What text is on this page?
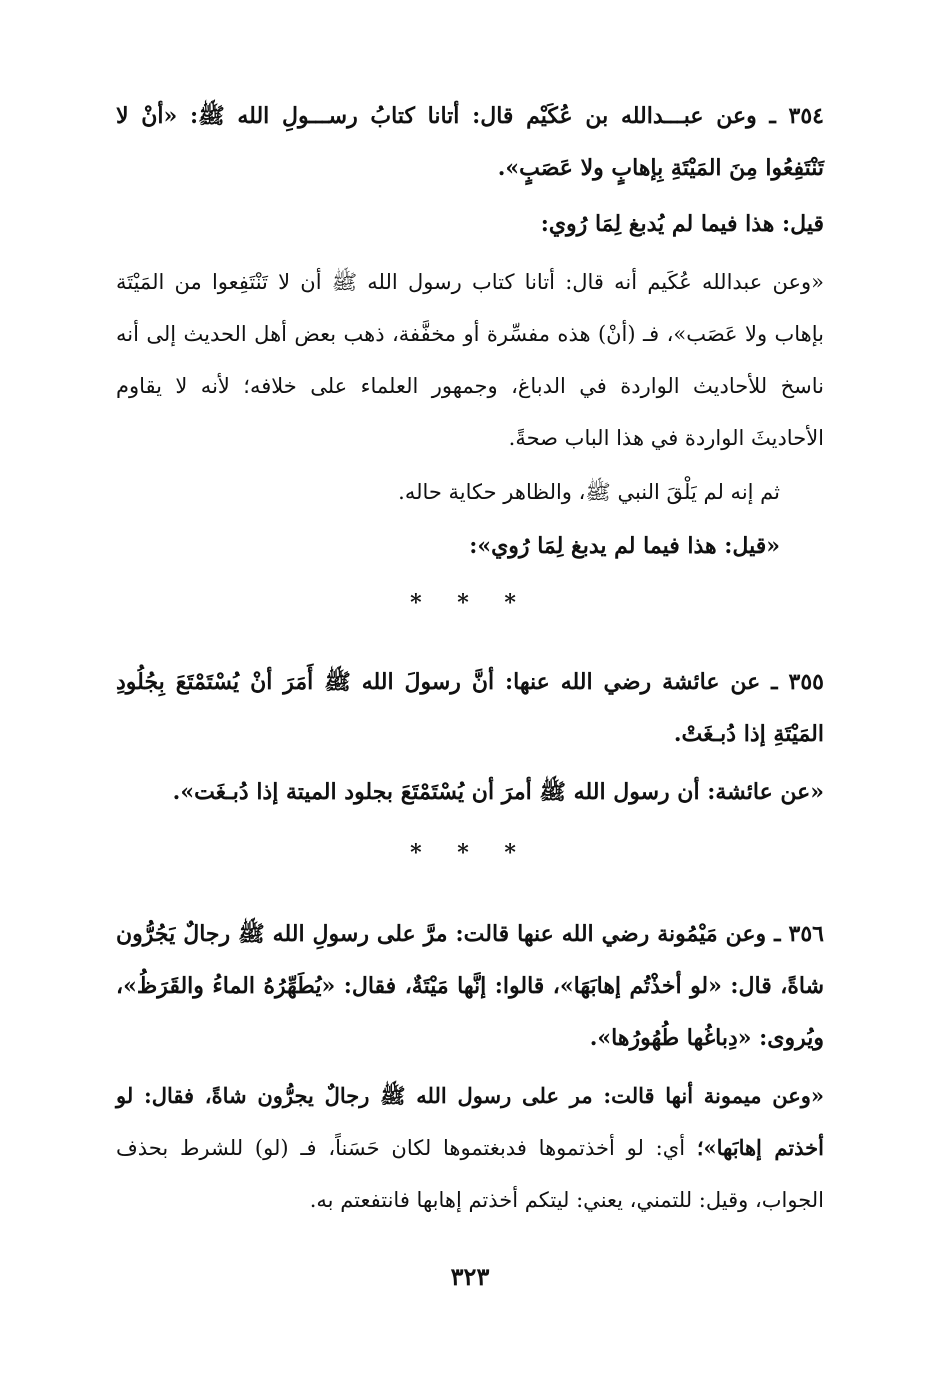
٣٥٤ ـ وعن عبـــدالله بن عُكَيْم قال: أتانا كتابُ رســـولِ الله ﷺ: «أنْ لا تَنْتَفِعُوا مِنَ المَيْتَةِ بِإهابٍ ولا عَصَبٍ».

قيل: هذا فيما لم يُدبغ لِمَا رُوي:

«وعن عبدالله عُكَيم أنه قال: أتانا كتاب رسول الله ﷺ أن لا تَنْتَفِعوا من المَيْتَة بإهاب ولا عَصَب»، فـ (أنْ) هذه مفسِّرة أو مخفَّفة، ذهب بعض أهل الحديث إلى أنه ناسخ للأحاديث الواردة في الدباغ، وجمهور العلماء على خلافه؛ لأنه لا يقاوم الأحاديثَ الواردة في هذا الباب صحةً.

ثم إنه لم يَلْقَ النبي ﷺ، والظاهر حكاية حاله.

«قيل: هذا فيما لم يدبغ لِمَا رُوي»:

* * *

٣٥٥ ـ عن عائشة رضي الله عنها: أنَّ رسولَ الله ﷺ أَمَرَ أنْ يُسْتَمْتَعَ بِجُلُودِ المَيْتَةِ إذا دُبـغَتْ.

«عن عائشة: أن رسول الله ﷺ أمرَ أن يُسْتَمْتَعَ بجلود الميتة إذا دُبـغَت».

* * *

٣٥٦ ـ وعن مَيْمُونة رضي الله عنها قالت: مرَّ على رسولِ الله ﷺ رجالٌ يَجُرُّون شاةً، قال: «لو أخذْتُم إهابَهَا»، قالوا: إنَّها مَيْتَةٌ، فقال: «يُطَهِّرُهُ الماءُ والقَرَظُ»، ويُروى: «دِباغُها طُهُورُها».

«وعن ميمونة أنها قالت: مر على رسول الله ﷺ رجالٌ يجرُّون شاةً، فقال: لو أخذتم إهابَها»؛ أي: لو أخذتموها فدبغتموها لكان حَسَناً، فـ (لو) للشرط بحذف الجواب، وقيل: للتمني، يعني: ليتكم أخذتم إهابها فانتفعتم به.

٣٢٣
